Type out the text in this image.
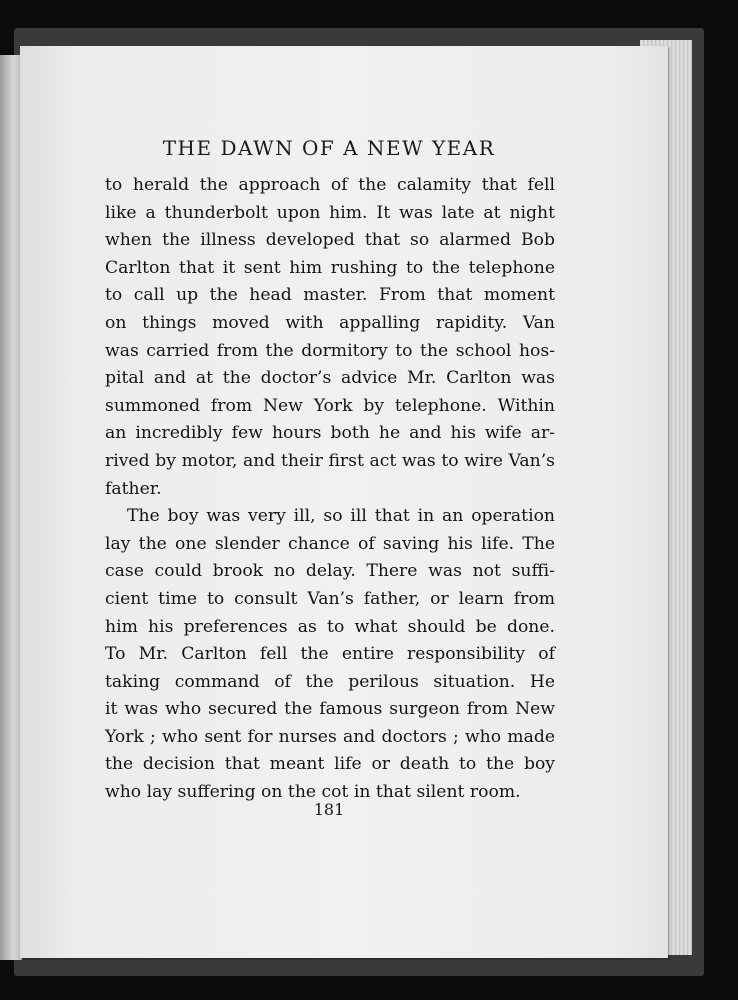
THE DAWN OF A NEW YEAR
to herald the approach of the calamity that fell
like a thunderbolt upon him. It was late at night
when the illness developed that so alarmed Bob
Carlton that it sent him rushing to the telephone
to call up the head master. From that moment
on things moved with appalling rapidity. Van
was carried from the dormitory to the school hos-
pital and at the doctor’s advice Mr. Carlton was
summoned from New York by telephone. Within
an incredibly few hours both he and his wife ar-
rived by motor, and their first act was to wire Van’s
father.
The boy was very ill, so ill that in an operation
lay the one slender chance of saving his life. The
case could brook no delay. There was not suffi-
cient time to consult Van’s father, or learn from
him his preferences as to what should be done.
To Mr. Carlton fell the entire responsibility of
taking command of the perilous situation. He
it was who secured the famous surgeon from New
York ; who sent for nurses and doctors ; who made
the decision that meant life or death to the boy
who lay suffering on the cot in that silent room.
181
